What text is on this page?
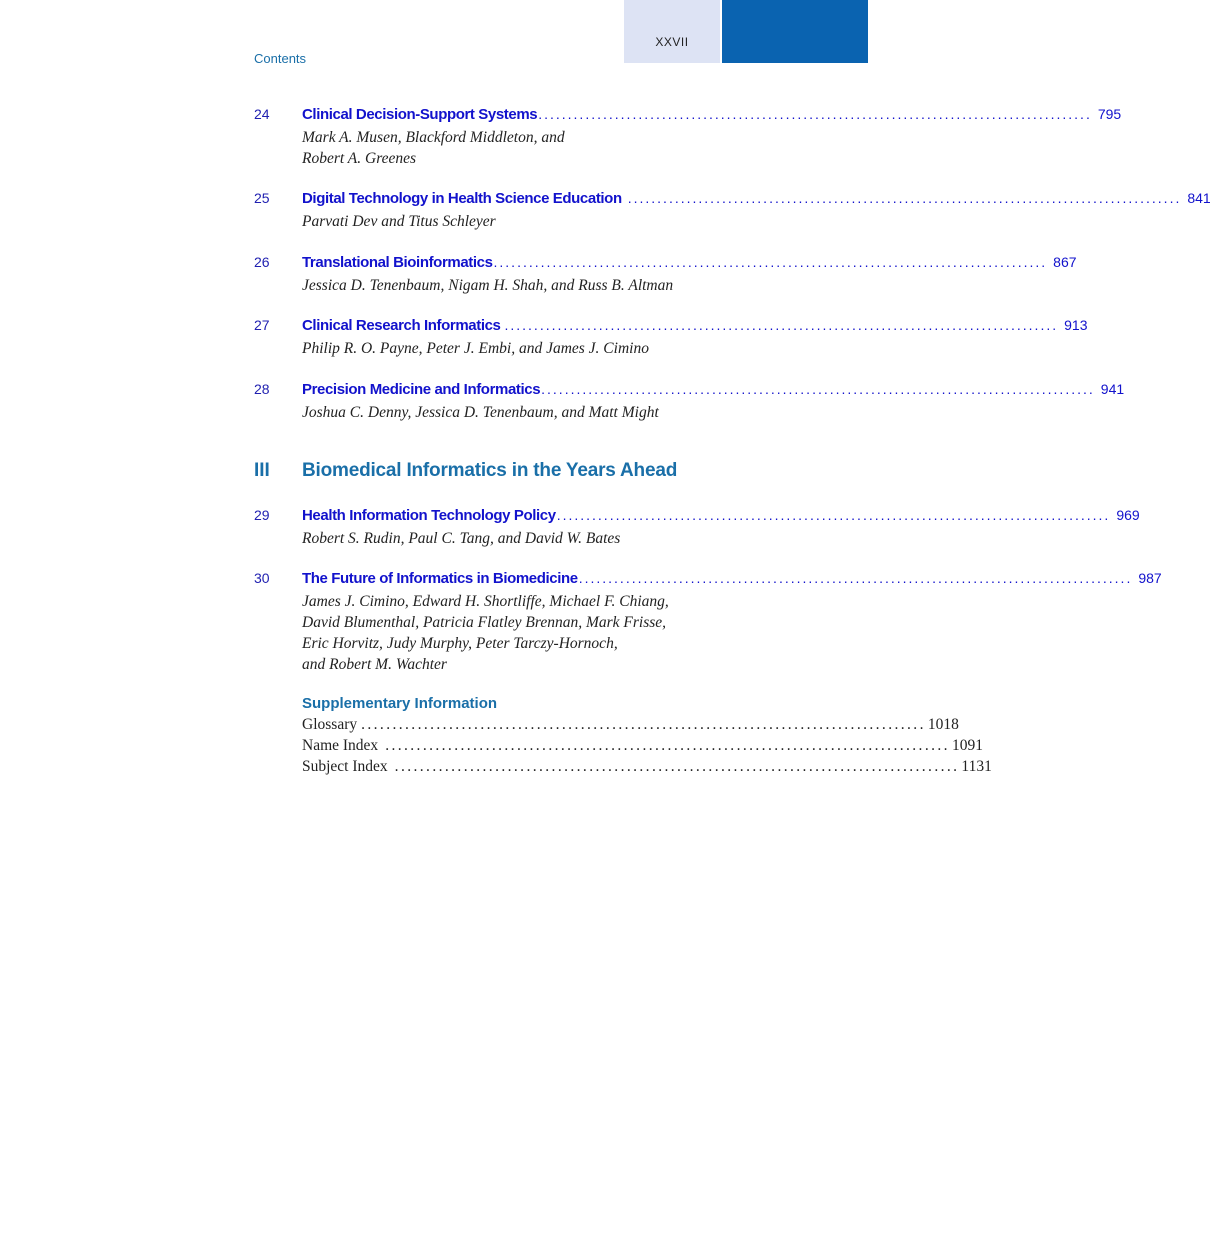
XXVII
Contents
24 Clinical Decision-Support Systems .............................................................................................. 795
Mark A. Musen, Blackford Middleton, and
Robert A. Greenes
25 Digital Technology in Health Science Education .............................................................................................. 841
Parvati Dev and Titus Schleyer
26 Translational Bioinformatics .............................................................................................. 867
Jessica D. Tenenbaum, Nigam H. Shah, and Russ B. Altman
27 Clinical Research Informatics .............................................................................................. 913
Philip R. O. Payne, Peter J. Embi, and James J. Cimino
28 Precision Medicine and Informatics .............................................................................................. 941
Joshua C. Denny, Jessica D. Tenenbaum, and Matt Might
III Biomedical Informatics in the Years Ahead
29 Health Information Technology Policy .............................................................................................. 969
Robert S. Rudin, Paul C. Tang, and David W. Bates
30 The Future of Informatics in Biomedicine .............................................................................................. 987
James J. Cimino, Edward H. Shortliffe, Michael F. Chiang,
David Blumenthal, Patricia Flatley Brennan, Mark Frisse,
Eric Horvitz, Judy Murphy, Peter Tarczy-Hornoch,
and Robert M. Wachter
Supplementary Information
Glossary .......................................................................................... 1018
Name Index .......................................................................................... 1091
Subject Index .......................................................................................... 1131
